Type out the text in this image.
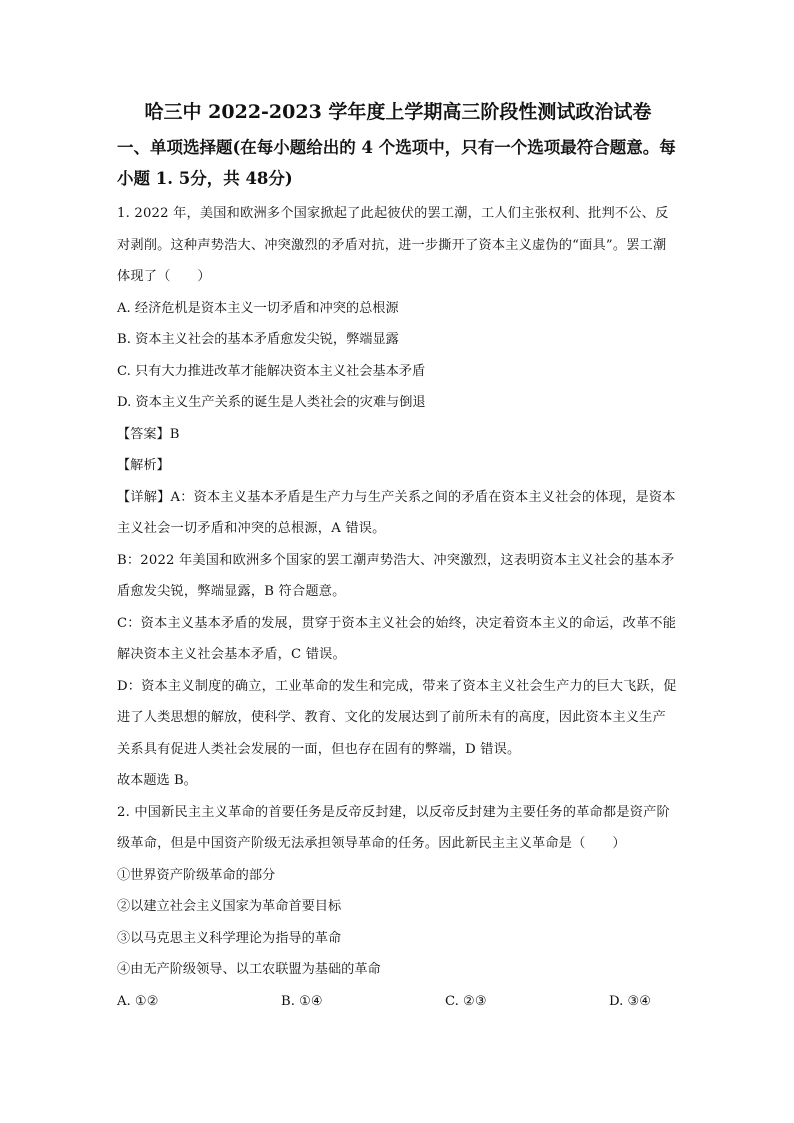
哈三中 2022-2023 学年度上学期高三阶段性测试政治试卷
一、单项选择题(在每小题给出的 4 个选项中，只有一个选项最符合题意。每小题 1. 5分，共 48分)

1. 2022 年，美国和欧洲多个国家掀起了此起彼伏的罢工潮，工人们主张权利、批判不公、反对剥削。这种声势浩大、冲突激烈的矛盾对抗，进一步撕开了资本主义虚伪的“面具”。罢工潮体现了（　　）

A. 经济危机是资本主义一切矛盾和冲突的总根源

B. 资本主义社会的基本矛盾愈发尖锐，弊端显露

C. 只有大力推进改革才能解决资本主义社会基本矛盾

D. 资本主义生产关系的诞生是人类社会的灾难与倒退

【答案】B

【解析】

【详解】A：资本主义基本矛盾是生产力与生产关系之间的矛盾在资本主义社会的体现，是资本主义社会一切矛盾和冲突的总根源，A 错误。

B：2022 年美国和欧洲多个国家的罢工潮声势浩大、冲突激烈，这表明资本主义社会的基本矛盾愈发尖锐，弊端显露，B 符合题意。

C：资本主义基本矛盾的发展，贯穿于资本主义社会的始终，决定着资本主义的命运，改革不能解决资本主义社会基本矛盾，C 错误。

D：资本主义制度的确立，工业革命的发生和完成，带来了资本主义社会生产力的巨大飞跃，促进了人类思想的解放，使科学、教育、文化的发展达到了前所未有的高度，因此资本主义生产关系具有促进人类社会发展的一面，但也存在固有的弊端，D 错误。

故本题选 B。

2. 中国新民主主义革命的首要任务是反帝反封建，以反帝反封建为主要任务的革命都是资产阶级革命，但是中国资产阶级无法承担领导革命的任务。因此新民主主义革命是（　　）

①世界资产阶级革命的部分

②以建立社会主义国家为革命首要目标

③以马克思主义科学理论为指导的革命

④由无产阶级领导、以工农联盟为基础的革命

A. ①②	B. ①④	C. ②③	D. ③④
